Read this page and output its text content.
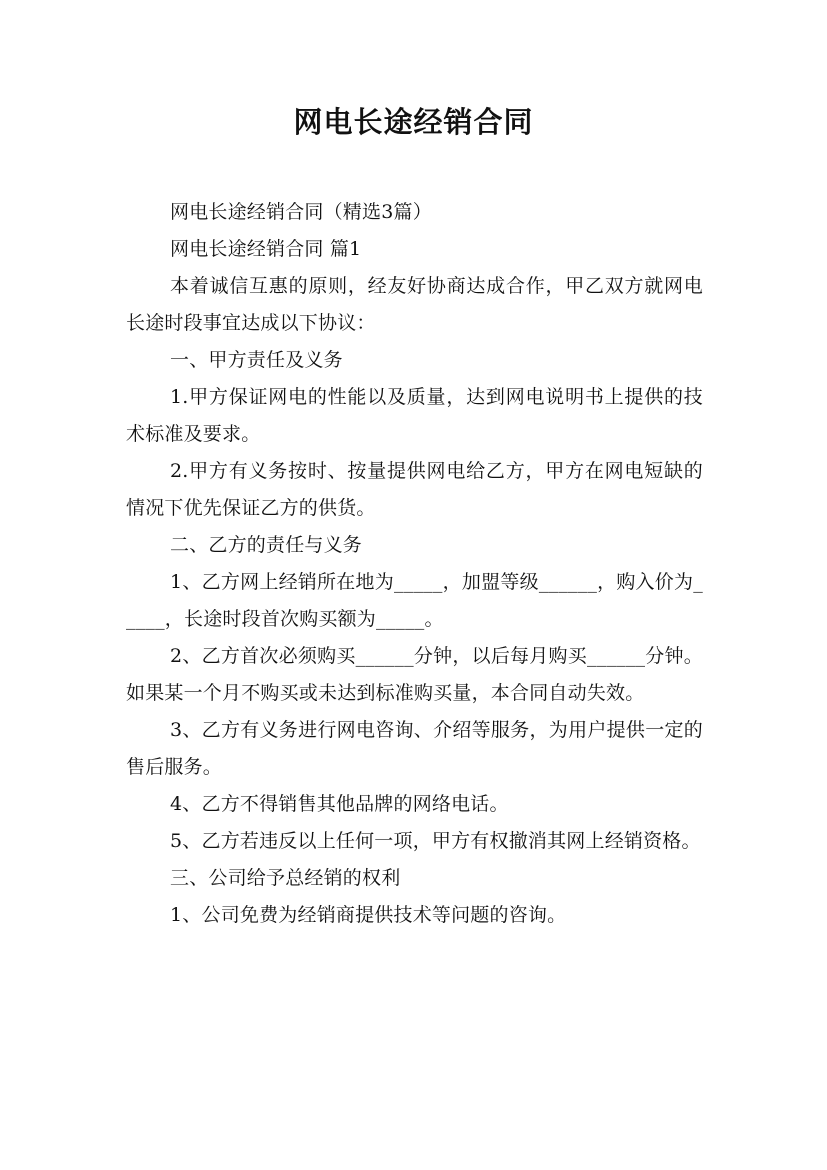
网电长途经销合同

网电长途经销合同（精选3篇）

网电长途经销合同 篇1

本着诚信互惠的原则，经友好协商达成合作，甲乙双方就网电长途时段事宜达成以下协议：

一、甲方责任及义务

1.甲方保证网电的性能以及质量，达到网电说明书上提供的技术标准及要求。

2.甲方有义务按时、按量提供网电给乙方，甲方在网电短缺的情况下优先保证乙方的供货。

二、乙方的责任与义务

1、乙方网上经销所在地为_____，加盟等级______，购入价为_____，长途时段首次购买额为_____。

2、乙方首次必须购买______分钟，以后每月购买______分钟。如果某一个月不购买或未达到标准购买量，本合同自动失效。

3、乙方有义务进行网电咨询、介绍等服务，为用户提供一定的售后服务。

4、乙方不得销售其他品牌的网络电话。

5、乙方若违反以上任何一项，甲方有权撤消其网上经销资格。

三、公司给予总经销的权利

1、公司免费为经销商提供技术等问题的咨询。
